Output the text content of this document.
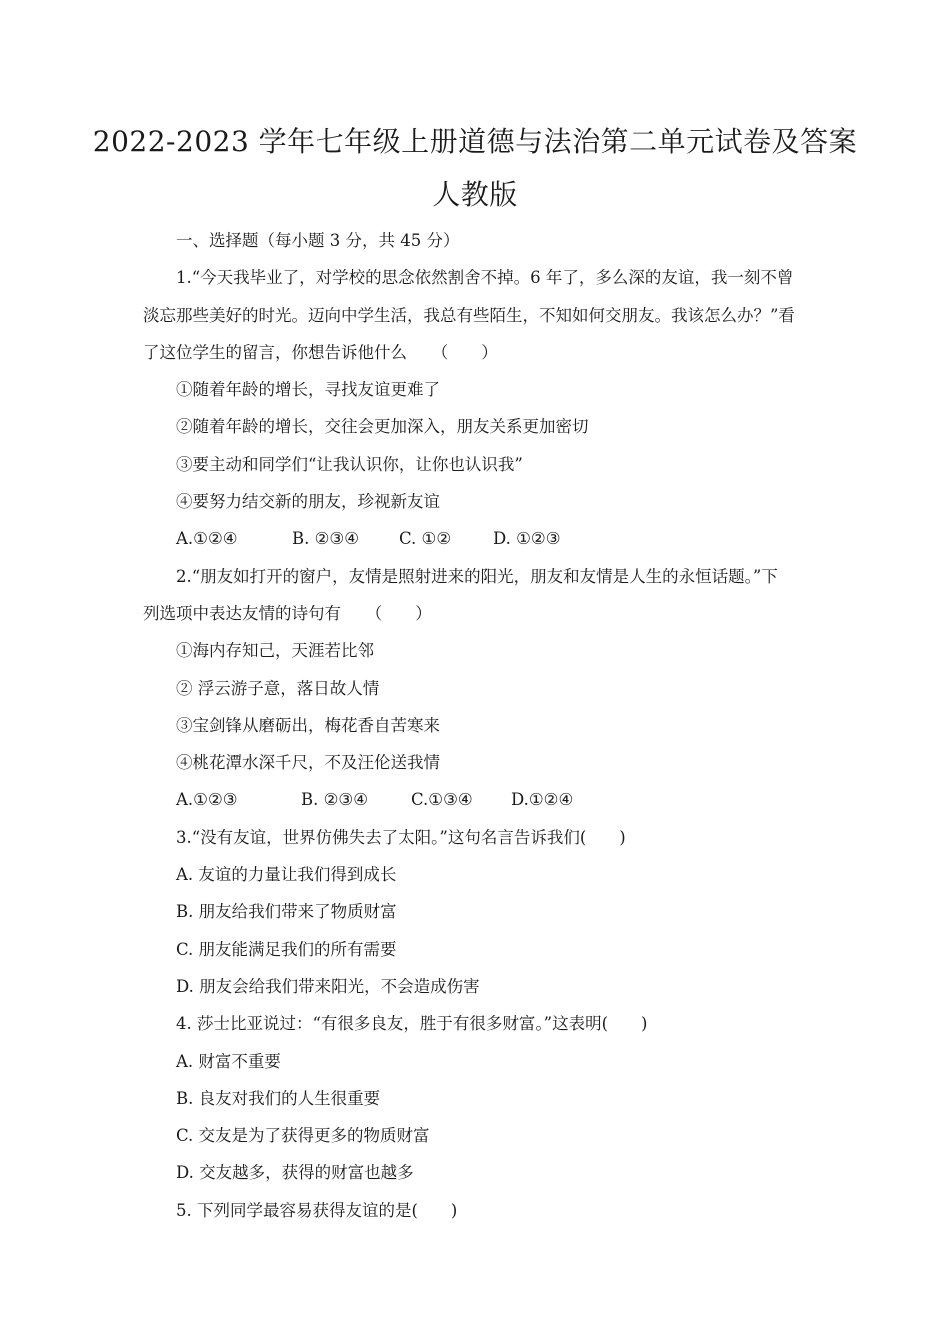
2022-2023 学年七年级上册道德与法治第二单元试卷及答案
人教版
一、选择题（每小题 3 分，共 45 分）
1.“今天我毕业了，对学校的思念依然割舍不掉。6 年了，多么深的友谊，我一刻不曾
淡忘那些美好的时光。迈向中学生活，我总有些陌生，不知如何交朋友。我该怎么办？”看
了这位学生的留言，你想告诉他什么　　（　　）
①随着年龄的增长，寻找友谊更难了
②随着年龄的增长，交往会更加深入，朋友关系更加密切
③要主动和同学们“让我认识你，让你也认识我”
④要努力结交新的朋友，珍视新友谊
A.①②④	B. ②③④	C. ①②	D. ①②③
2.“朋友如打开的窗户，友情是照射进来的阳光，朋友和友情是人生的永恒话题。”下
列选项中表达友情的诗句有　　（　　）
①海内存知己，天涯若比邻
② 浮云游子意，落日故人情
③宝剑锋从磨砺出，梅花香自苦寒来
④桃花潭水深千尺，不及汪伦送我情
A.①②③	B. ②③④	C.①③④	D.①②④
3.“没有友谊，世界仿佛失去了太阳。”这句名言告诉我们(　　)
A. 友谊的力量让我们得到成长
B. 朋友给我们带来了物质财富
C. 朋友能满足我们的所有需要
D. 朋友会给我们带来阳光，不会造成伤害
4. 莎士比亚说过：“有很多良友，胜于有很多财富。”这表明(　　)
A. 财富不重要
B. 良友对我们的人生很重要
C. 交友是为了获得更多的物质财富
D. 交友越多，获得的财富也越多
5. 下列同学最容易获得友谊的是(　　)
